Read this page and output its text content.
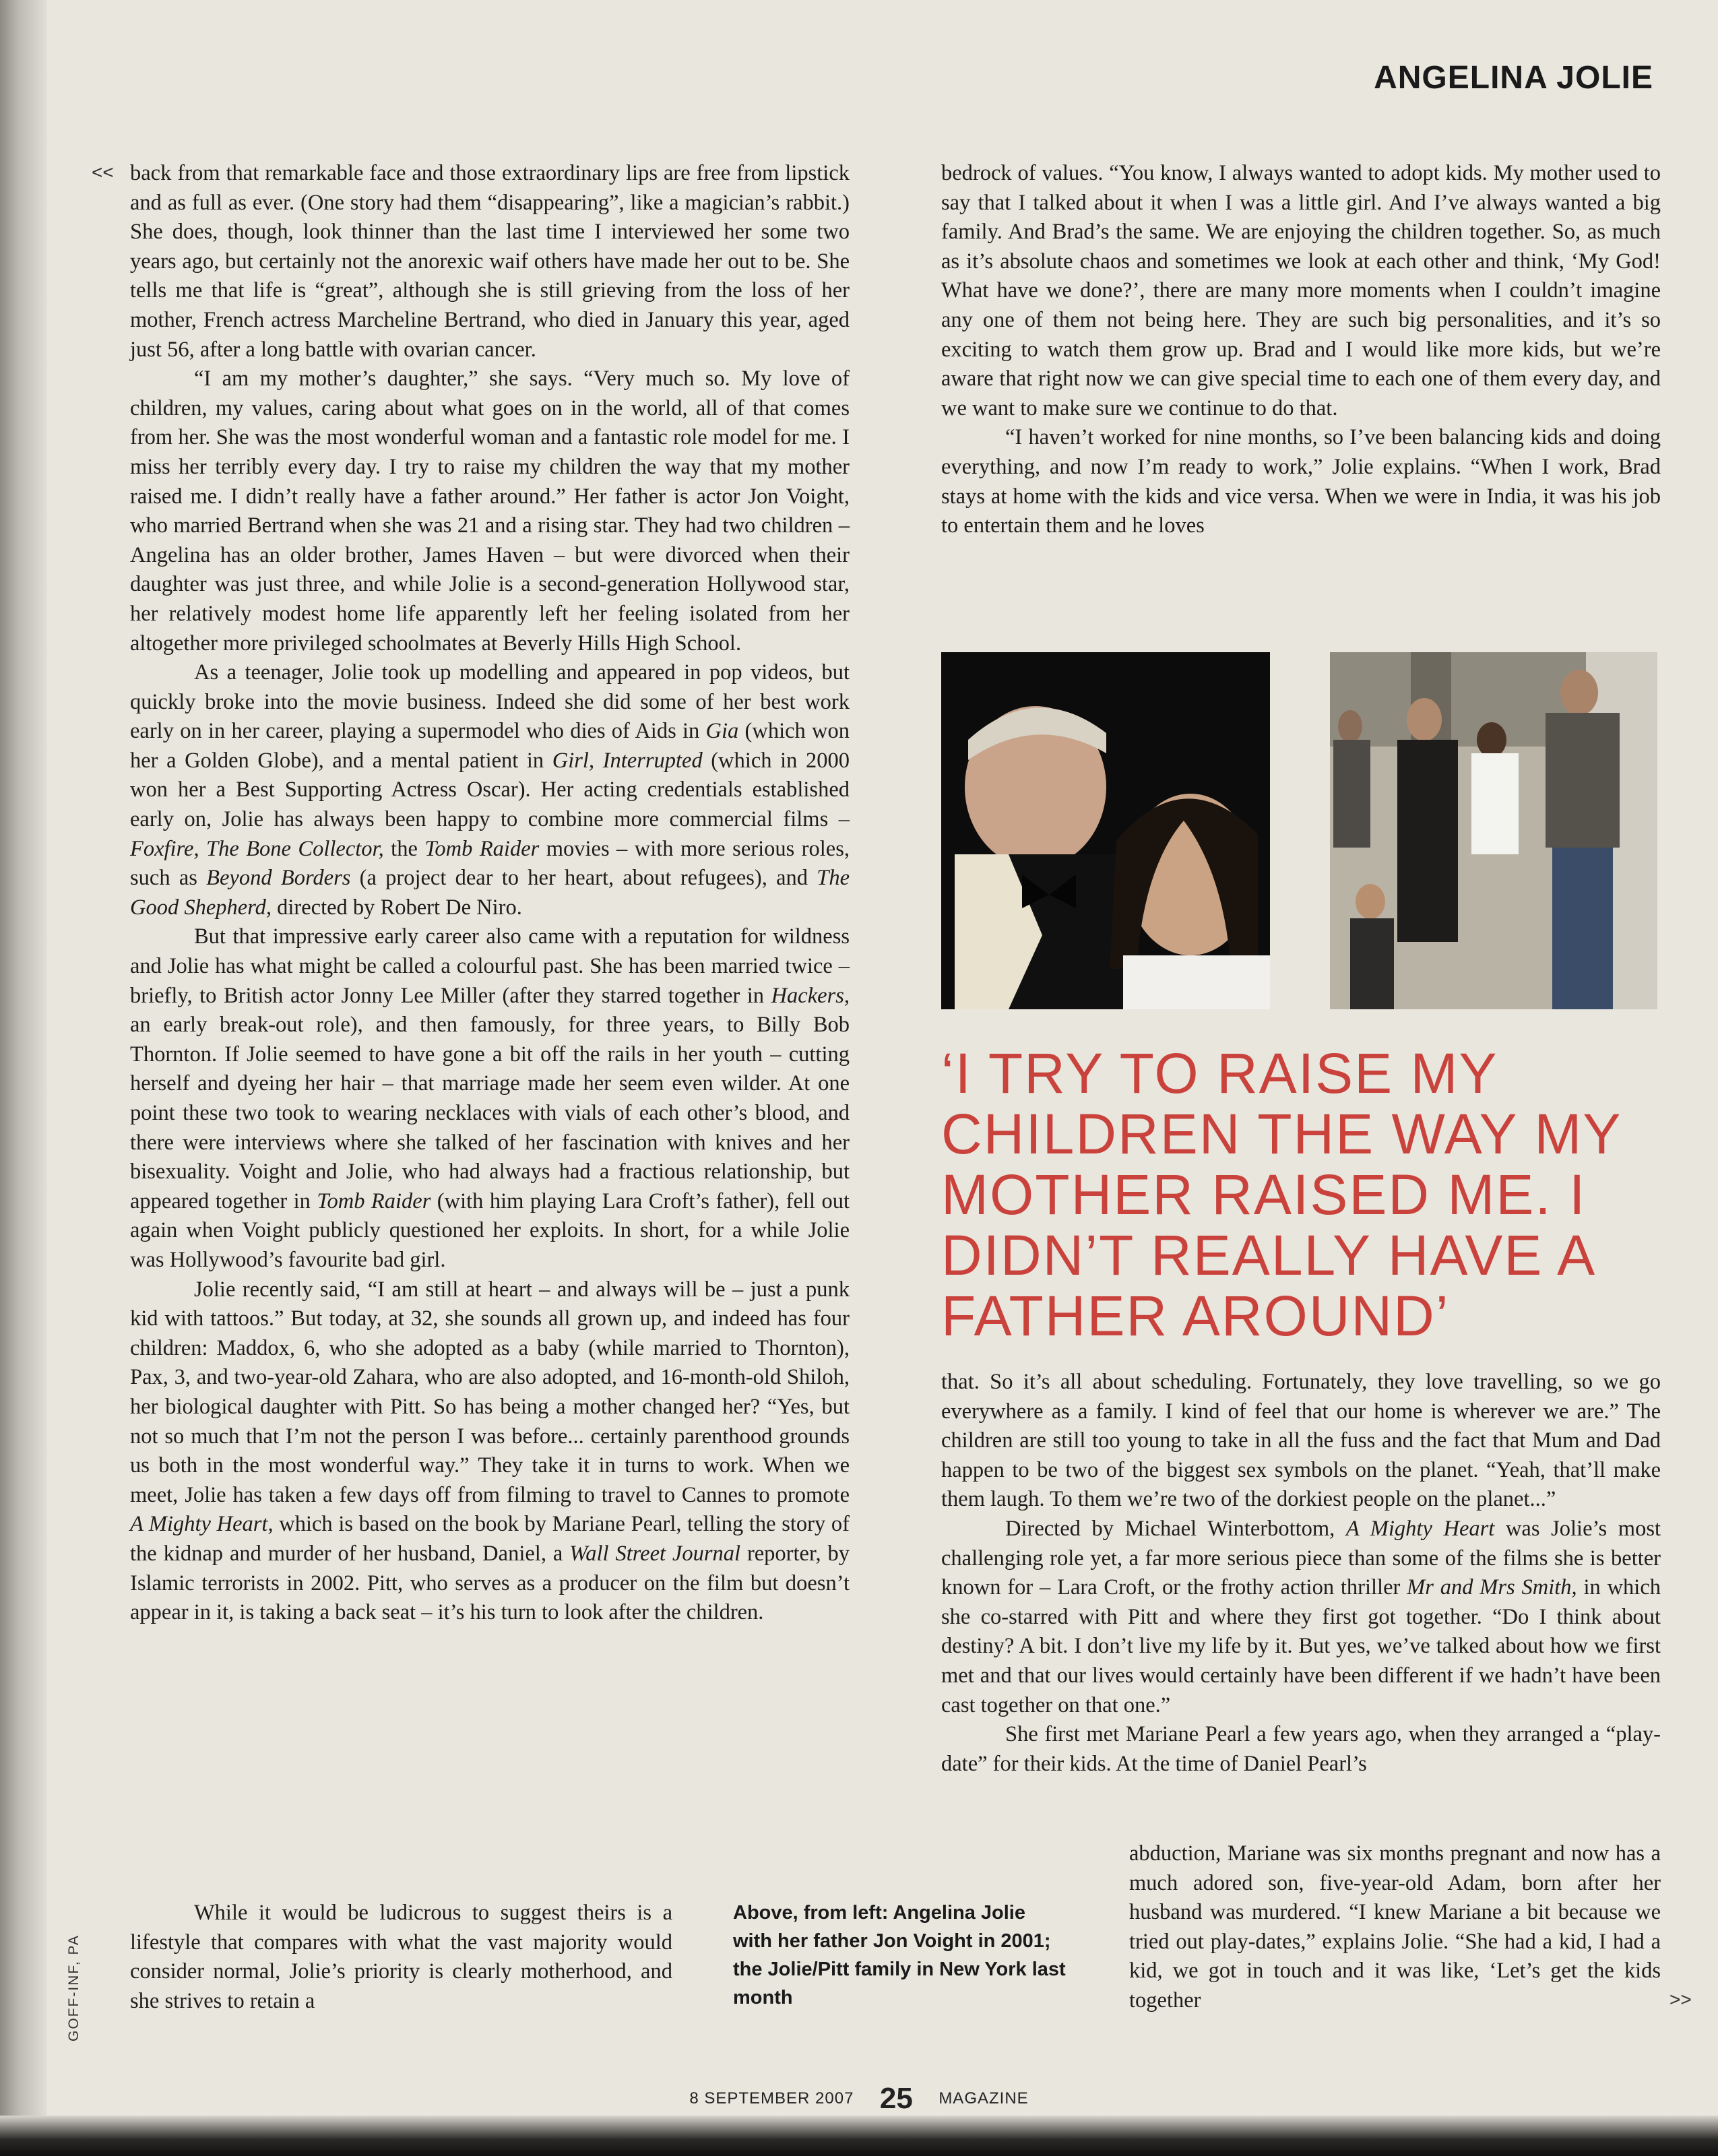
ANGELINA JOLIE
<< back from that remarkable face and those extraordinary lips are free from lipstick and as full as ever. (One story had them “disappearing”, like a magician’s rabbit.) She does, though, look thinner than the last time I interviewed her some two years ago, but certainly not the anorexic waif others have made her out to be. She tells me that life is “great”, although she is still grieving from the loss of her mother, French actress Marcheline Bertrand, who died in January this year, aged just 56, after a long battle with ovarian cancer.

“I am my mother’s daughter,” she says. “Very much so. My love of children, my values, caring about what goes on in the world, all of that comes from her. She was the most wonderful woman and a fantastic role model for me. I miss her terribly every day. I try to raise my children the way that my mother raised me. I didn’t really have a father around.” Her father is actor Jon Voight, who married Bertrand when she was 21 and a rising star. They had two children – Angelina has an older brother, James Haven – but were divorced when their daughter was just three, and while Jolie is a second-generation Hollywood star, her relatively modest home life apparently left her feeling isolated from her altogether more privileged schoolmates at Beverly Hills High School.

As a teenager, Jolie took up modelling and appeared in pop videos, but quickly broke into the movie business. Indeed she did some of her best work early on in her career, playing a supermodel who dies of Aids in Gia (which won her a Golden Globe), and a mental patient in Girl, Interrupted (which in 2000 won her a Best Supporting Actress Oscar). Her acting credentials established early on, Jolie has always been happy to combine more commercial films – Foxfire, The Bone Collector, the Tomb Raider movies – with more serious roles, such as Beyond Borders (a project dear to her heart, about refugees), and The Good Shepherd, directed by Robert De Niro.

But that impressive early career also came with a reputation for wildness and Jolie has what might be called a colourful past. She has been married twice – briefly, to British actor Jonny Lee Miller (after they starred together in Hackers, an early break-out role), and then famously, for three years, to Billy Bob Thornton. If Jolie seemed to have gone a bit off the rails in her youth – cutting herself and dyeing her hair – that marriage made her seem even wilder. At one point these two took to wearing necklaces with vials of each other’s blood, and there were interviews where she talked of her fascination with knives and her bisexuality. Voight and Jolie, who had always had a fractious relationship, but appeared together in Tomb Raider (with him playing Lara Croft’s father), fell out again when Voight publicly questioned her exploits. In short, for a while Jolie was Hollywood’s favourite bad girl.

Jolie recently said, “I am still at heart – and always will be – just a punk kid with tattoos.” But today, at 32, she sounds all grown up, and indeed has four children: Maddox, 6, who she adopted as a baby (while married to Thornton), Pax, 3, and two-year-old Zahara, who are also adopted, and 16-month-old Shiloh, her biological daughter with Pitt. So has being a mother changed her? “Yes, but not so much that I’m not the person I was before... certainly parenthood grounds us both in the most wonderful way.” They take it in turns to work. When we meet, Jolie has taken a few days off from filming to travel to Cannes to promote A Mighty Heart, which is based on the book by Mariane Pearl, telling the story of the kidnap and murder of her husband, Daniel, a Wall Street Journal reporter, by Islamic terrorists in 2002. Pitt, who serves as a producer on the film but doesn’t appear in it, is taking a back seat – it’s his turn to look after the children.

While it would be ludicrous to suggest theirs is a lifestyle that compares with what the vast majority would consider normal, Jolie’s priority is clearly motherhood, and she strives to retain a

GOFF-INF, PA
Above, from left: Angelina Jolie with her father Jon Voight in 2001; the Jolie/Pitt family in New York last month

bedrock of values. “You know, I always wanted to adopt kids. My mother used to say that I talked about it when I was a little girl. And I’ve always wanted a big family. And Brad’s the same. We are enjoying the children together. So, as much as it’s absolute chaos and sometimes we look at each other and think, ‘My God! What have we done?’, there are many more moments when I couldn’t imagine any one of them not being here. They are such big personalities, and it’s so exciting to watch them grow up. Brad and I would like more kids, but we’re aware that right now we can give special time to each one of them every day, and we want to make sure we continue to do that.

“I haven’t worked for nine months, so I’ve been balancing kids and doing everything, and now I’m ready to work,” Jolie explains. “When I work, Brad stays at home with the kids and vice versa. When we were in India, it was his job to entertain them and he loves

‘I TRY TO RAISE MY CHILDREN THE WAY MY MOTHER RAISED ME. I DIDN’T REALLY HAVE A FATHER AROUND’

that. So it’s all about scheduling. Fortunately, they love travelling, so we go everywhere as a family. I kind of feel that our home is wherever we are.” The children are still too young to take in all the fuss and the fact that Mum and Dad happen to be two of the biggest sex symbols on the planet. “Yeah, that’ll make them laugh. To them we’re two of the dorkiest people on the planet...”

Directed by Michael Winterbottom, A Mighty Heart was Jolie’s most challenging role yet, a far more serious piece than some of the films she is better known for – Lara Croft, or the frothy action thriller Mr and Mrs Smith, in which she co-starred with Pitt and where they first got together. “Do I think about destiny? A bit. I don’t live my life by it. But yes, we’ve talked about how we first met and that our lives would certainly have been different if we hadn’t have been cast together on that one.”

She first met Mariane Pearl a few years ago, when they arranged a “play-date” for their kids. At the time of Daniel Pearl’s

abduction, Mariane was six months pregnant and now has a much adored son, five-year-old Adam, born after her husband was murdered. “I knew Mariane a bit because we tried out play-dates,” explains Jolie. “She had a kid, I had a kid, we got in touch and it was like, ‘Let’s get the kids together	>>
8 SEPTEMBER 2007 25 MAGAZINE
